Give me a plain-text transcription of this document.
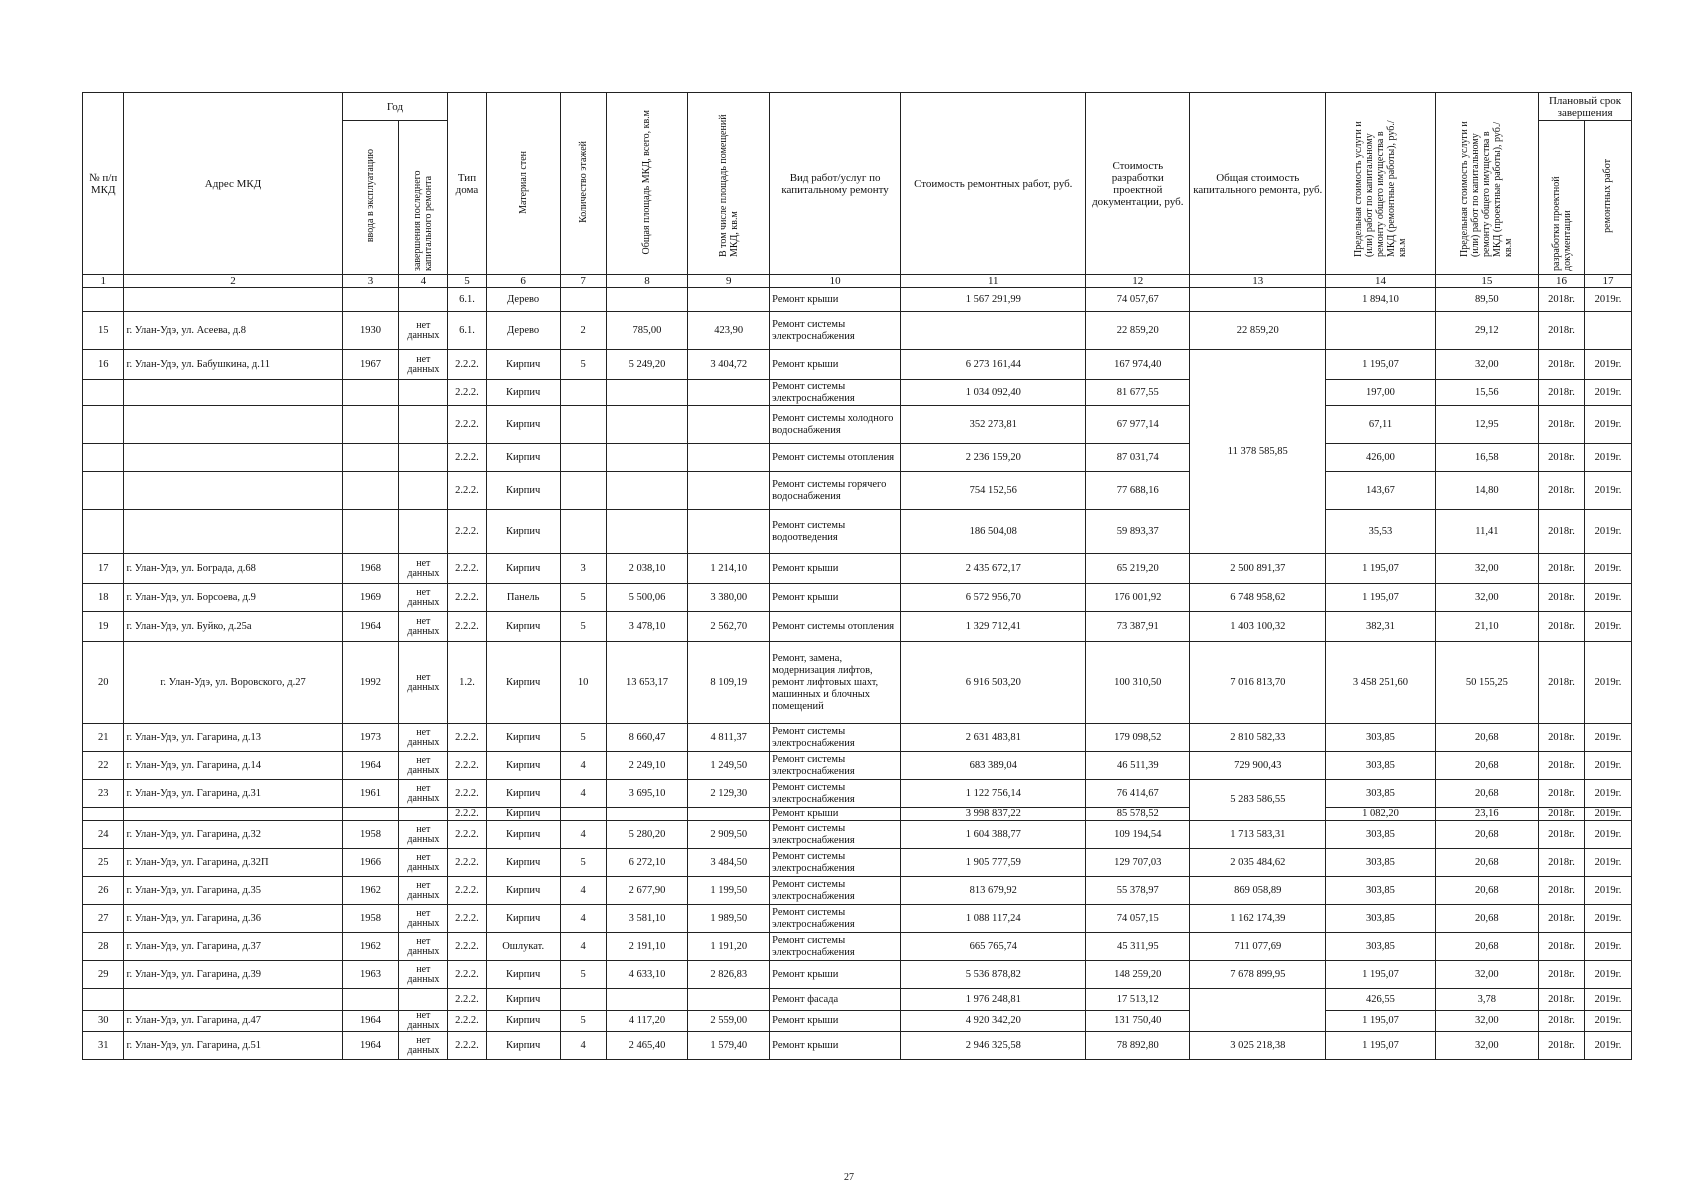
№ п/п МКД	Адрес МКД	Год		Тип дома	Материал стен	Количество этажей	Общая площадь МКД, всего, кв.м	В том числе площадь помещений МКД, кв.м	Вид работ/услуг по капитальному ремонту	Стоимость ремонтных работ, руб.	Стоимость разработки проектной документации, руб.	Общая стоимость капитального ремонта, руб.	Предельная стоимость услуги и (или) работ по капитальному ремонту общего имущества в МКД (ремонтные работы), руб./кв.м	Предельная стоимость услуги и (или) работ по капитальному ремонту общего имущества в МКД (проектные работы), руб./кв.м	Плановый срок завершения	
		ввода в эксплуатацию	завершения последнего капитального ремонта												разработки проектной документации	ремонтных работ
1	2	3	4	5	6	7	8	9	10	11	12	13	14	15	16	17
				6.1.	Дерево				Ремонт крыши	1 567 291,99	74 057,67		1 894,10	89,50	2018г.	2019г.
15	г. Улан-Удэ, ул. Асеева, д.8	1930	нет данных	6.1.	Дерево	2	785,00	423,90	Ремонт системы электроснабжения		22 859,20	22 859,20		29,12	2018г.	
16	г. Улан-Удэ, ул. Бабушкина, д.11	1967	нет данных	2.2.2.	Кирпич	5	5 249,20	3 404,72	Ремонт крыши	6 273 161,44	167 974,40	11 378 585,85	1 195,07	32,00	2018г.	2019г.
				2.2.2.	Кирпич				Ремонт системы электроснабжения	1 034 092,40	81 677,55		197,00	15,56	2018г.	2019г.
				2.2.2.	Кирпич				Ремонт системы холодного водоснабжения	352 273,81	67 977,14		67,11	12,95	2018г.	2019г.
				2.2.2.	Кирпич				Ремонт системы отопления	2 236 159,20	87 031,74		426,00	16,58	2018г.	2019г.
				2.2.2.	Кирпич				Ремонт системы горячего водоснабжения	754 152,56	77 688,16		143,67	14,80	2018г.	2019г.
				2.2.2.	Кирпич				Ремонт системы водоотведения	186 504,08	59 893,37		35,53	11,41	2018г.	2019г.
17	г. Улан-Удэ, ул. Бограда, д.68	1968	нет данных	2.2.2.	Кирпич	3	2 038,10	1 214,10	Ремонт крыши	2 435 672,17	65 219,20	2 500 891,37	1 195,07	32,00	2018г.	2019г.
18	г. Улан-Удэ, ул. Борсоева, д.9	1969	нет данных	2.2.2.	Панель	5	5 500,06	3 380,00	Ремонт крыши	6 572 956,70	176 001,92	6 748 958,62	1 195,07	32,00	2018г.	2019г.
19	г. Улан-Удэ, ул. Буйко, д.25а	1964	нет данных	2.2.2.	Кирпич	5	3 478,10	2 562,70	Ремонт системы отопления	1 329 712,41	73 387,91	1 403 100,32	382,31	21,10	2018г.	2019г.
20	г. Улан-Удэ, ул. Воровского, д.27	1992	нет данных	1.2.	Кирпич	10	13 653,17	8 109,19	Ремонт, замена, модернизация лифтов, ремонт лифтовых шахт, машинных и блочных помещений	6 916 503,20	100 310,50	7 016 813,70	3 458 251,60	50 155,25	2018г.	2019г.
21	г. Улан-Удэ, ул. Гагарина, д.13	1973	нет данных	2.2.2.	Кирпич	5	8 660,47	4 811,37	Ремонт системы электроснабжения	2 631 483,81	179 098,52	2 810 582,33	303,85	20,68	2018г.	2019г.
22	г. Улан-Удэ, ул. Гагарина, д.14	1964	нет данных	2.2.2.	Кирпич	4	2 249,10	1 249,50	Ремонт системы электроснабжения	683 389,04	46 511,39	729 900,43	303,85	20,68	2018г.	2019г.
23	г. Улан-Удэ, ул. Гагарина, д.31	1961	нет данных	2.2.2.	Кирпич	4	3 695,10	2 129,30	Ремонт системы электроснабжения	1 122 756,14	76 414,67	5 283 586,55	303,85	20,68	2018г.	2019г.
				2.2.2.	Кирпич				Ремонт крыши	3 998 837,22	85 578,52		1 082,20	23,16	2018г.	2019г.
24	г. Улан-Удэ, ул. Гагарина, д.32	1958	нет данных	2.2.2.	Кирпич	4	5 280,20	2 909,50	Ремонт системы электроснабжения	1 604 388,77	109 194,54	1 713 583,31	303,85	20,68	2018г.	2019г.
25	г. Улан-Удэ, ул. Гагарина, д.32П	1966	нет данных	2.2.2.	Кирпич	5	6 272,10	3 484,50	Ремонт системы электроснабжения	1 905 777,59	129 707,03	2 035 484,62	303,85	20,68	2018г.	2019г.
26	г. Улан-Удэ, ул. Гагарина, д.35	1962	нет данных	2.2.2.	Кирпич	4	2 677,90	1 199,50	Ремонт системы электроснабжения	813 679,92	55 378,97	869 058,89	303,85	20,68	2018г.	2019г.
27	г. Улан-Удэ, ул. Гагарина, д.36	1958	нет данных	2.2.2.	Кирпич	4	3 581,10	1 989,50	Ремонт системы электроснабжения	1 088 117,24	74 057,15	1 162 174,39	303,85	20,68	2018г.	2019г.
28	г. Улан-Удэ, ул. Гагарина, д.37	1962	нет данных	2.2.2.	Ошлукат.	4	2 191,10	1 191,20	Ремонт системы электроснабжения	665 765,74	45 311,95	711 077,69	303,85	20,68	2018г.	2019г.
29	г. Улан-Удэ, ул. Гагарина, д.39	1963	нет данных	2.2.2.	Кирпич	5	4 633,10	2 826,83	Ремонт крыши	5 536 878,82	148 259,20	7 678 899,95	1 195,07	32,00	2018г.	2019г.
				2.2.2.	Кирпич				Ремонт фасада	1 976 248,81	17 513,12		426,55	3,78	2018г.	2019г.
30	г. Улан-Удэ, ул. Гагарина, д.47	1964	нет данных	2.2.2.	Кирпич	5	4 117,20	2 559,00	Ремонт крыши	4 920 342,20	131 750,40		1 195,07	32,00	2018г.	2019г.
31	г. Улан-Удэ, ул. Гагарина, д.51	1964	нет данных	2.2.2.	Кирпич	4	2 465,40	1 579,40	Ремонт крыши	2 946 325,58	78 892,80	3 025 218,38	1 195,07	32,00	2018г.	2019г.
27
